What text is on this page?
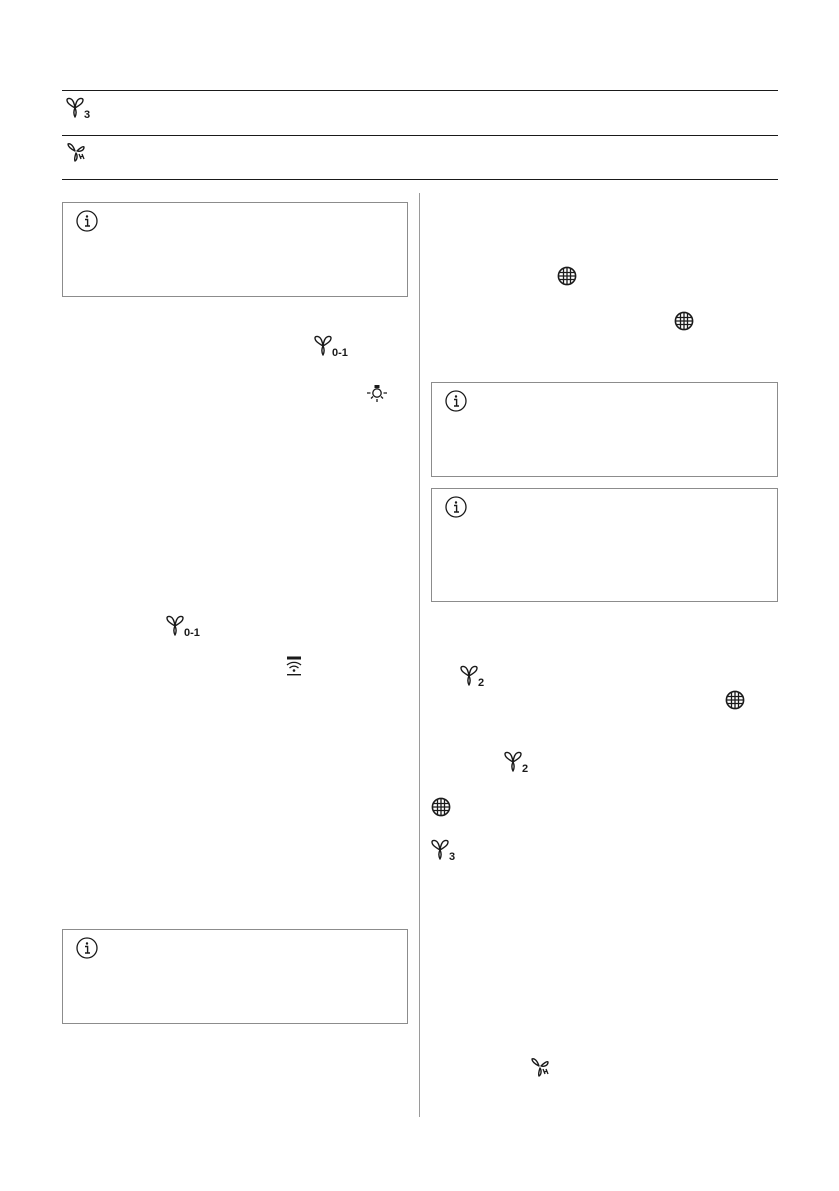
3
0-1
0-1
2
2
3
